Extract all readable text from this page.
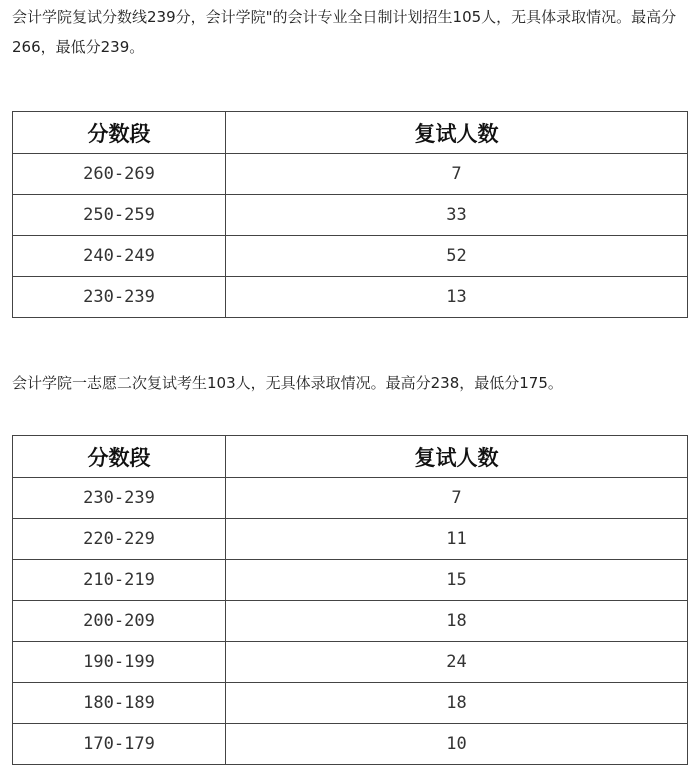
会计学院复试分数线239分，会计学院"的会计专业全日制计划招生105人，无具体录取情况。最高分266，最低分239。

分数段	复试人数
260-269	7
250-259	33
240-249	52
230-239	13

会计学院一志愿二次复试考生103人，无具体录取情况。最高分238，最低分175。

分数段	复试人数
230-239	7
220-229	11
210-219	15
200-209	18
190-199	24
180-189	18
170-179	10
